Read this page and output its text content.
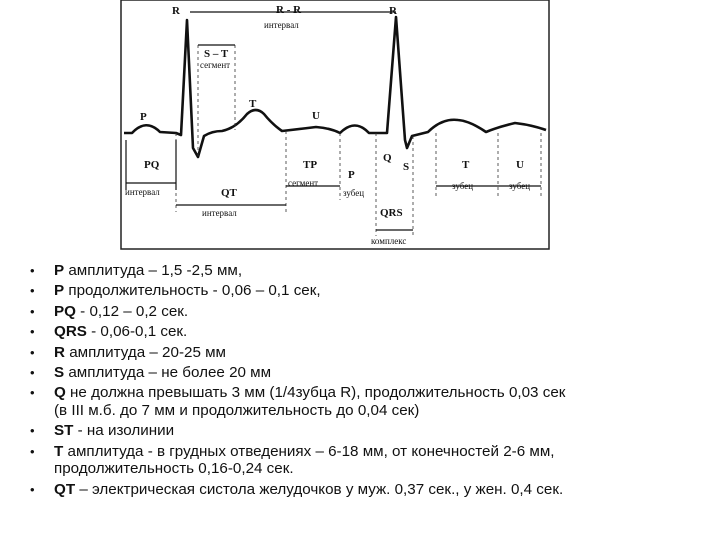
R	R
R - R
интервал
S – T
сегмент
P
T
U
Q
S
PQ
интервал	QT
интервал
TP
сегмент
P
зубец
QRS
комплекс
T
зубец
U
зубец
• P амплитуда – 1,5 -2,5 мм,
• P продолжительность - 0,06 – 0,1 сек,
• PQ - 0,12 – 0,2 сек.
• QRS - 0,06-0,1 сек.
• R амплитуда – 20-25 мм
• S амплитуда – не более 20 мм
• Q не должна превышать 3 мм (1/4зубца R), продолжительность 0,03 сек
(в III м.б. до 7 мм и продолжительность до 0,04 сек)
• ST - на изолинии
• T амплитуда - в грудных отведениях – 6-18 мм, от конечностей 2-6 мм,
продолжительность 0,16-0,24 сек.
• QT – электрическая систола желудочков у муж. 0,37 сек., у жен. 0,4 сек.
